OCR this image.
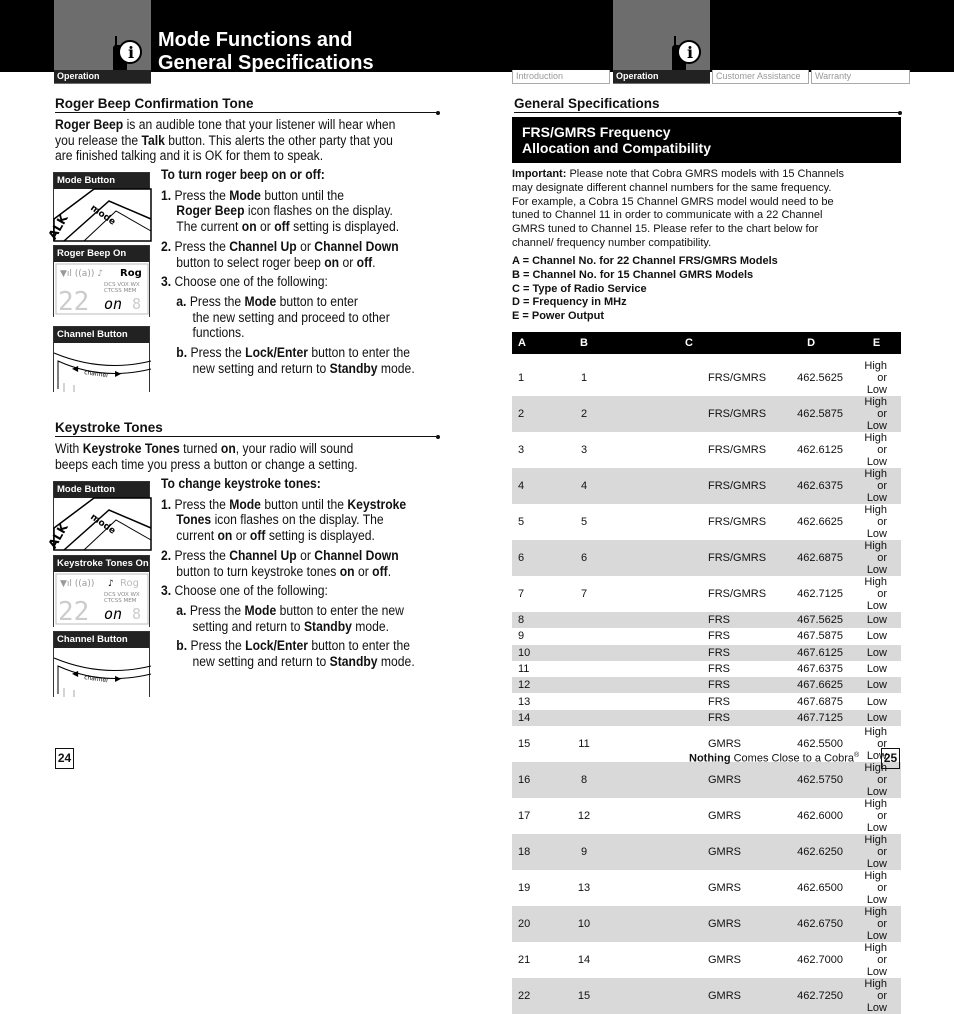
i	i
Mode Functions and
General Specifications
Operation	Introduction	Operation	Customer Assistance	Warranty
Roger Beep Confirmation Tone
Roger Beep is an audible tone that your listener will hear when
you release the Talk button. This alerts the other party that you
are finished talking and it is OK for them to speak.
Mode Button
mode
ALK
Roger Beep On
▼ıl ((a)) ♪ Rog
DCS VOX WX
CTCSS MEM
22 on 8
Channel Button
◀
channel ▶
To turn roger beep on or off:
1. Press the Mode button until the
Roger Beep icon flashes on the display.
The current on or off setting is displayed.
2. Press the Channel Up or Channel Down
button to select roger beep on or off.
3. Choose one of the following:
a. Press the Mode button to enter
the new setting and proceed to other
functions.
b. Press the Lock/Enter button to enter the
new setting and return to Standby mode.
Keystroke Tones
With Keystroke Tones turned on, your radio will sound
beeps each time you press a button or change a setting.
Mode Button
mode
ALK
Keystroke Tones On
▼ıl ((a)) ♪ Rog
DCS VOX WX
CTCSS MEM
22 on 8
Channel Button
◀
channel ▶
To change keystroke tones:
1. Press the Mode button until the Keystroke
Tones icon flashes on the display. The
current on or off setting is displayed.
2. Press the Channel Up or Channel Down
button to turn keystroke tones on or off.
3. Choose one of the following:
a. Press the Mode button to enter the new
setting and return to Standby mode.
b. Press the Lock/Enter button to enter the
new setting and return to Standby mode.
General Specifications
FRS/GMRS Frequency
Allocation and Compatibility
Important: Please note that Cobra GMRS models with 15 Channels
may designate different channel numbers for the same frequency.
For example, a Cobra 15 Channel GMRS model would need to be
tuned to Channel 11 in order to communicate with a 22 Channel
GMRS tuned to Channel 15. Please refer to the chart below for
channel/ frequency number compatibility.
A = Channel No. for 22 Channel FRS/GMRS Models
B = Channel No. for 15 Channel GMRS Models
C = Type of Radio Service
D = Frequency in MHz
E = Power Output
A	B	C	D	E

1	1	FRS/GMRS	462.5625	High or Low
2	2	FRS/GMRS	462.5875	High or Low
3	3	FRS/GMRS	462.6125	High or Low
4	4	FRS/GMRS	462.6375	High or Low
5	5	FRS/GMRS	462.6625	High or Low
6	6	FRS/GMRS	462.6875	High or Low
7	7	FRS/GMRS	462.7125	High or Low
8		FRS	467.5625	Low
9		FRS	467.5875	Low
10		FRS	467.6125	Low
11		FRS	467.6375	Low
12		FRS	467.6625	Low
13		FRS	467.6875	Low
14		FRS	467.7125	Low
15	11	GMRS	462.5500	High or Low
16	8	GMRS	462.5750	High or Low
17	12	GMRS	462.6000	High or Low
18	9	GMRS	462.6250	High or Low
19	13	GMRS	462.6500	High or Low
20	10	GMRS	462.6750	High or Low
21	14	GMRS	462.7000	High or Low
22	15	GMRS	462.7250	High or Low
24	Nothing Comes Close to a Cobra® 25
